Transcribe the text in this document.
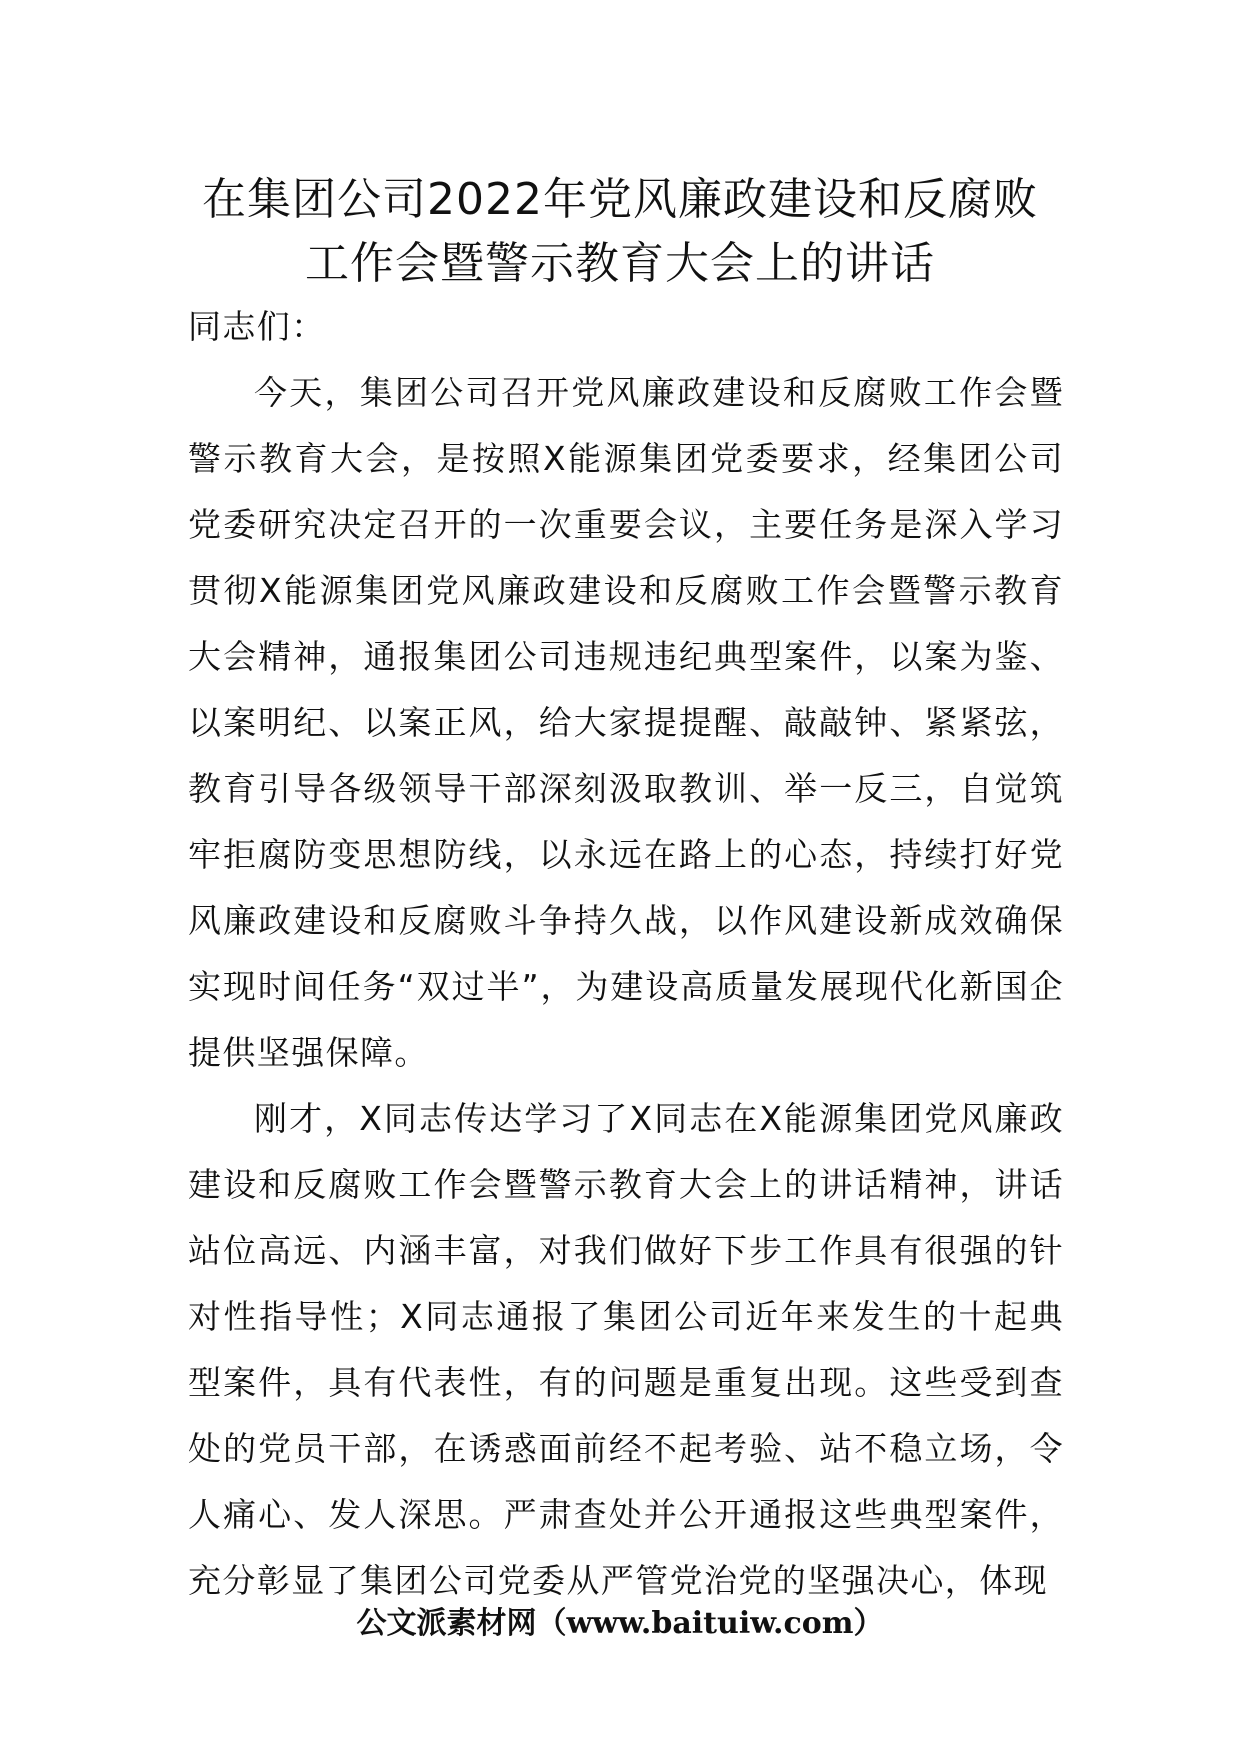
在集团公司2022年党风廉政建设和反腐败
工作会暨警示教育大会上的讲话

同志们：

今天，集团公司召开党风廉政建设和反腐败工作会暨警示教育大会，是按照X能源集团党委要求，经集团公司党委研究决定召开的一次重要会议，主要任务是深入学习贯彻X能源集团党风廉政建设和反腐败工作会暨警示教育大会精神，通报集团公司违规违纪典型案件，以案为鉴、以案明纪、以案正风，给大家提提醒、敲敲钟、紧紧弦，教育引导各级领导干部深刻汲取教训、举一反三，自觉筑牢拒腐防变思想防线，以永远在路上的心态，持续打好党风廉政建设和反腐败斗争持久战，以作风建设新成效确保实现时间任务“双过半”，为建设高质量发展现代化新国企提供坚强保障。

刚才，X同志传达学习了X同志在X能源集团党风廉政建设和反腐败工作会暨警示教育大会上的讲话精神，讲话站位高远、内涵丰富，对我们做好下步工作具有很强的针对性指导性；X同志通报了集团公司近年来发生的十起典型案件，具有代表性，有的问题是重复出现。这些受到查处的党员干部，在诱惑面前经不起考验、站不稳立场，令人痛心、发人深思。严肃查处并公开通报这些典型案件，充分彰显了集团公司党委从严管党治党的坚强决心，体现

公文派素材网（www.baituiw.com）
